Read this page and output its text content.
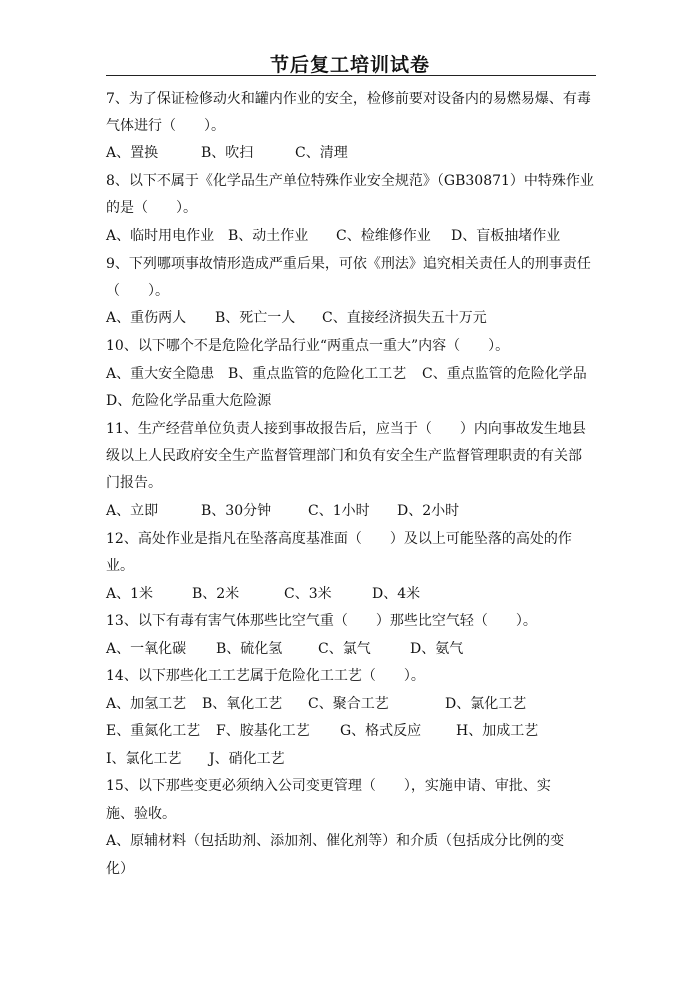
节后复工培训试卷
7、为了保证检修动火和罐内作业的安全，检修前要对设备内的易燃易爆、有毒
气体进行（　　）。
A、置换	B、吹扫	C、清理
8、以下不属于《化学品生产单位特殊作业安全规范》（GB30871）中特殊作业
的是（　　）。
A、临时用电作业 B、动土作业 C、检维修作业 D、盲板抽堵作业
9、下列哪项事故情形造成严重后果，可依《刑法》追究相关责任人的刑事责任
（　　）。
A、重伤两人 B、死亡一人 C、直接经济损失五十万元
10、以下哪个不是危险化学品行业“两重点一重大”内容（　　）。
A、重大安全隐患 B、重点监管的危险化工工艺 C、重点监管的危险化学品
D、危险化学品重大危险源
11、生产经营单位负责人接到事故报告后，应当于（　　）内向事故发生地县
级以上人民政府安全生产监督管理部门和负有安全生产监督管理职责的有关部
门报告。
A、立即	B、30分钟	C、1小时 D、2小时
12、高处作业是指凡在坠落高度基准面（　　）及以上可能坠落的高处的作
业。
A、1米	B、2米	C、3米	D、4米
13、以下有毒有害气体那些比空气重（　　）那些比空气轻（　　）。
A、一氧化碳 B、硫化氢	C、氯气	D、氨气
14、以下那些化工工艺属于危险化工工艺（　　）。
A、加氢工艺 B、氧化工艺 C、聚合工艺	D、氯化工艺
E、重氮化工艺 F、胺基化工艺 G、格式反应 H、加成工艺
I、氯化工艺 J、硝化工艺
15、以下那些变更必须纳入公司变更管理（　　），实施申请、审批、实
施、验收。
A、原辅材料（包括助剂、添加剂、催化剂等）和介质（包括成分比例的变
化）
